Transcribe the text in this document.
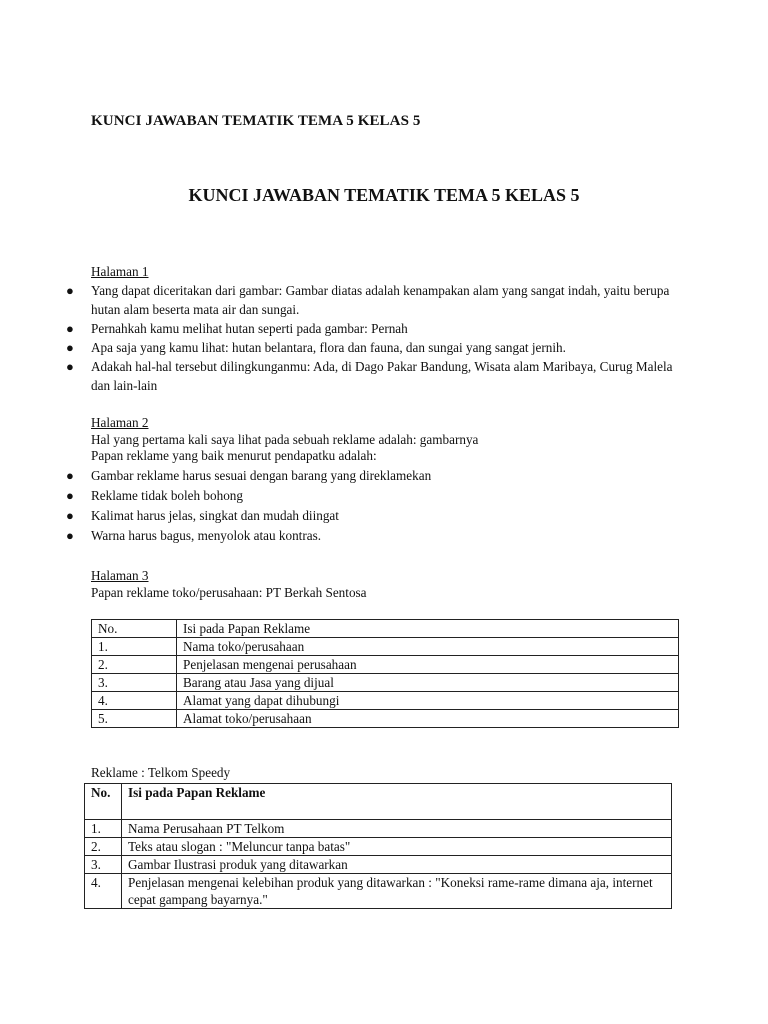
KUNCI JAWABAN TEMATIK TEMA 5 KELAS 5
KUNCI JAWABAN TEMATIK TEMA 5 KELAS 5
Halaman 1
●	Yang dapat diceritakan dari gambar: Gambar diatas adalah kenampakan alam yang sangat indah, yaitu berupa hutan alam beserta mata air dan sungai.
●	Pernahkah kamu melihat hutan seperti pada gambar: Pernah
●	Apa saja yang kamu lihat: hutan belantara, flora dan fauna, dan sungai yang sangat jernih.
●	Adakah hal-hal tersebut dilingkunganmu: Ada, di Dago Pakar Bandung, Wisata alam Maribaya, Curug Malela dan lain-lain
Halaman 2
Hal yang pertama kali saya lihat pada sebuah reklame adalah: gambarnya
Papan reklame yang baik menurut pendapatku adalah:
●	Gambar reklame harus sesuai dengan barang yang direklamekan
●	Reklame tidak boleh bohong
●	Kalimat harus jelas, singkat dan mudah diingat
●	Warna harus bagus, menyolok atau kontras.
Halaman 3
Papan reklame toko/perusahaan: PT Berkah Sentosa
No.	Isi pada Papan Reklame
1.	Nama toko/perusahaan
2.	Penjelasan mengenai perusahaan
3.	Barang atau Jasa yang dijual
4.	Alamat yang dapat dihubungi
5.	Alamat toko/perusahaan
Reklame : Telkom Speedy
No.	Isi pada Papan Reklame
1.	Nama Perusahaan PT Telkom
2.	Teks atau slogan : "Meluncur tanpa batas"
3.	Gambar Ilustrasi produk yang ditawarkan
4.	Penjelasan mengenai kelebihan produk yang ditawarkan : "Koneksi rame-rame dimana aja, internet cepat gampang bayarnya."
